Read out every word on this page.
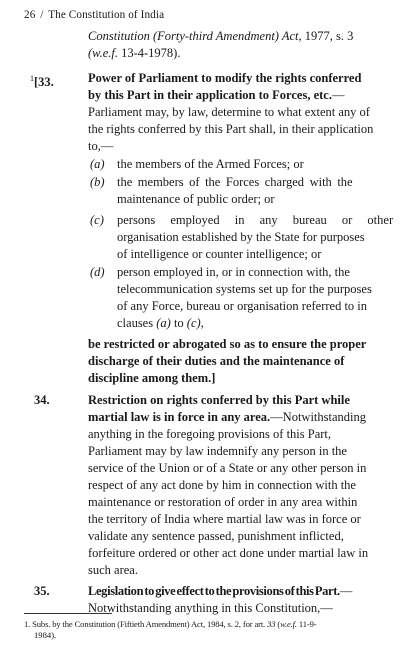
26 / The Constitution of India
Constitution (Forty-third Amendment) Act, 1977, s. 3
(w.e.f. 13-4-1978).
$^1$[33.	Power of Parliament to modify the rights conferred
by this Part in their application to Forces, etc.—
Parliament may, by law, determine to what extent any of
the rights conferred by this Part shall, in their application
to,—
(a) the members of the Armed Forces; or
(b) the members of the Forces charged with the
maintenance of public order; or
(c) persons employed in any bureau or other
organisation established by the State for purposes
of intelligence or counter intelligence; or
(d) person employed in, or in connection with, the
telecommunication systems set up for the purposes
of any Force, bureau or organisation referred to in
clauses (a) to (c),
be restricted or abrogated so as to ensure the proper
discharge of their duties and the maintenance of
discipline among them.]
34.	Restriction on rights conferred by this Part while
martial law is in force in any area.—Notwithstanding
anything in the foregoing provisions of this Part,
Parliament may by law indemnify any person in the
service of the Union or of a State or any other person in
respect of any act done by him in connection with the
maintenance or restoration of order in any area within
the territory of India where martial law was in force or
validate any sentence passed, punishment inflicted,
forfeiture ordered or other act done under martial law in
such area.
35.	Legislation to give effect to the provisions of this Part.—
Notwithstanding anything in this Constitution,—
1. Subs. by the Constitution (Fiftieth Amendment) Act, 1984, s. 2, for art. 33 (w.e.f. 11-9-
1984).
